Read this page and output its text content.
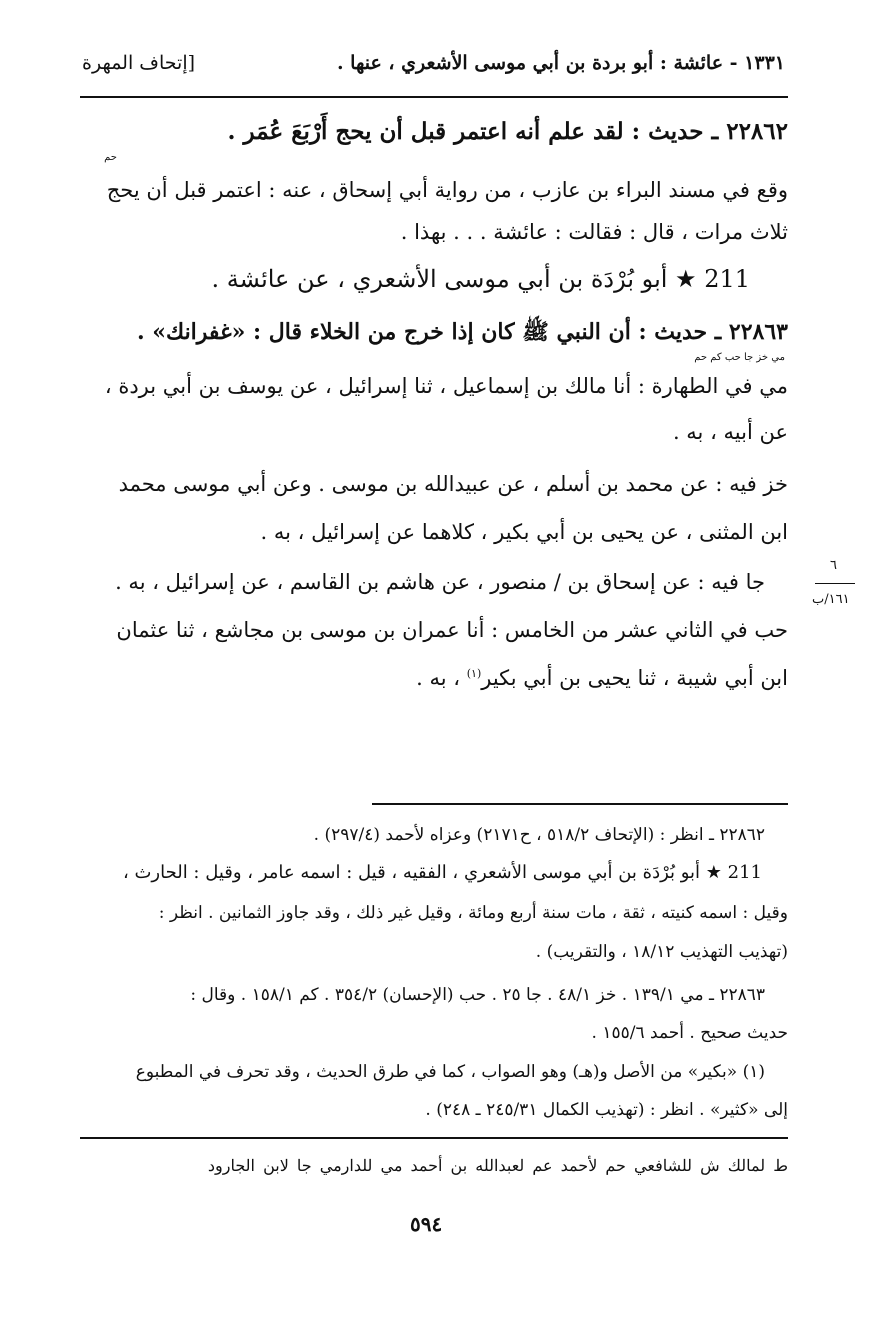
١٣٣١ - عائشة : أبو بردة بن أبي موسى الأشعري ، عنها .
[إتحاف المهرة
٢٢٨٦٢ ـ حديث : لقد علم أنه اعتمر قبل أن يحج أَرْبَعَ عُمَر .
حم
وقع في مسند البراء بن عازب ، من رواية أبي إسحاق ، عنه : اعتمر قبل أن يحج
ثلاث مرات ، قال : فقالت : عائشة . . . بهذا .
211 ★ أبو بُرْدَة بن أبي موسى الأشعري ، عن عائشة .
٢٢٨٦٣ ـ حديث : أن النبي ﷺ كان إذا خرج من الخلاء قال : «غفرانك» .
مي خز جا حب كم حم
مي في الطهارة : أنا مالك بن إسماعيل ، ثنا إسرائيل ، عن يوسف بن أبي بردة ،
عن أبيه ، به .
خز فيه : عن محمد بن أسلم ، عن عبيدالله بن موسى . وعن أبي موسى محمد
ابن المثنى ، عن يحيى بن أبي بكير ، كلاهما عن إسرائيل ، به .
جا فيه : عن إسحاق بن / منصور ، عن هاشم بن القاسم ، عن إسرائيل ، به .
حب في الثاني عشر من الخامس : أنا عمران بن موسى بن مجاشع ، ثنا عثمان
ابن أبي شيبة ، ثنا يحيى بن أبي بكير$^{(١)}$ ، به .
٦
١٦١/ب
٢٢٨٦٢ ـ انظر : (الإتحاف ٥١٨/٢ ، ح٢١٧١) وعزاه لأحمد (٢٩٧/٤) .
211 ★ أبو بُرْدَة بن أبي موسى الأشعري ، الفقيه ، قيل : اسمه عامر ، وقيل : الحارث ،
وقيل : اسمه كنيته ، ثقة ، مات سنة أربع ومائة ، وقيل غير ذلك ، وقد جاوز الثمانين . انظر :
(تهذيب التهذيب ١٨/١٢ ، والتقريب) .
٢٢٨٦٣ ـ مي ١٣٩/١ . خز ٤٨/١ . جا ٢٥ . حب (الإحسان) ٣٥٤/٢ . كم ١٥٨/١ . وقال :
حديث صحيح . أحمد ١٥٥/٦ .
(١) «بكير» من الأصل و(هـ) وهو الصواب ، كما في طرق الحديث ، وقد تحرف في المطبوع
إلى «كثير» . انظر : (تهذيب الكمال ٢٤٥/٣١ ـ ٢٤٨) .
ط لمالك ش للشافعي حم لأحمد عم لعبدالله بن أحمد مي للدارمي جا لابن الجارود
٥٩٤
